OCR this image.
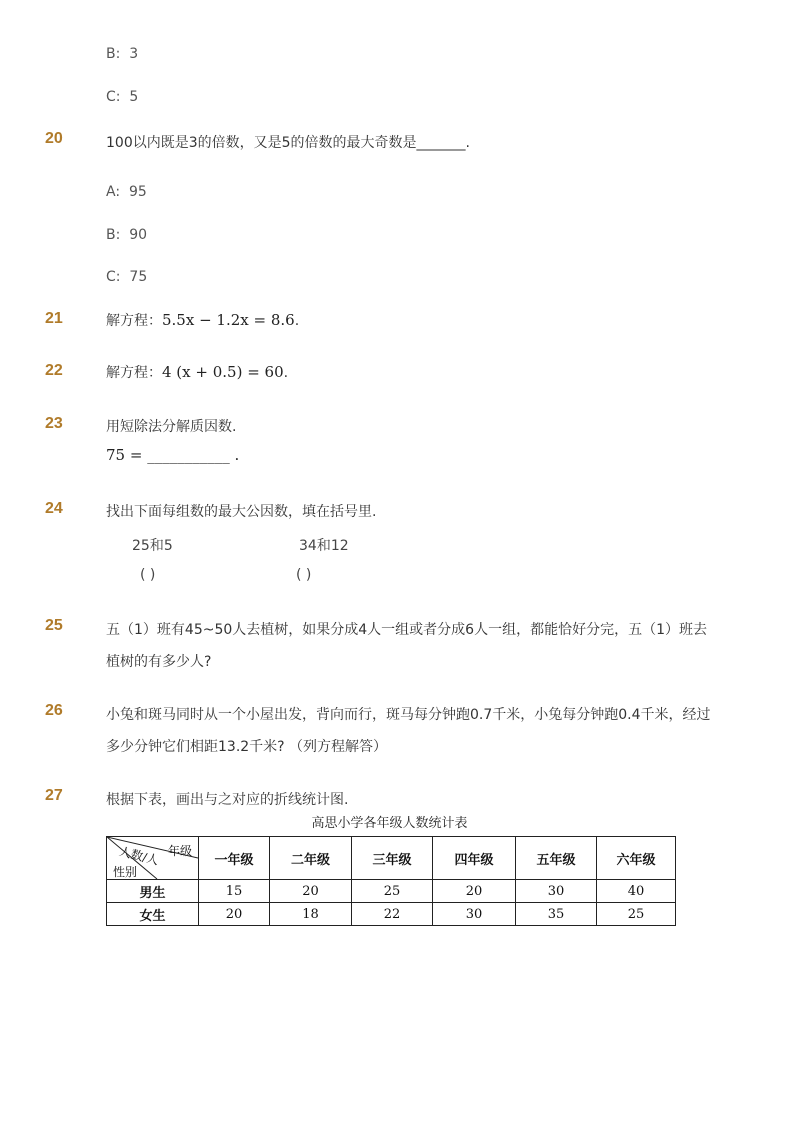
B: 3
C: 5
20	100以内既是3的倍数，又是5的倍数的最大奇数是_______.
A: 95
B: 90
C: 75
21	解方程：5.5x − 1.2x = 8.6.
22	解方程：4 (x + 0.5) = 60.
23	用短除法分解质因数.
75 = ___________ .
24	找出下面每组数的最大公因数，填在括号里.
25和5	34和12
( )	( )
25	五（1）班有45~50人去植树，如果分成4人一组或者分成6人一组，都能恰好分完，五（1）班去
植树的有多少人?
26	小兔和斑马同时从一个小屋出发，背向而行，斑马每分钟跑0.7千米，小兔每分钟跑0.4千米，经过
多少分钟它们相距13.2千米? （列方程解答）
27	根据下表，画出与之对应的折线统计图.
高思小学各年级人数统计表
年级
人数/人
性别	一年级	二年级	三年级	四年级	五年级	六年级
男生	15	20	25	20	30	40
女生	20	18	22	30	35	25
